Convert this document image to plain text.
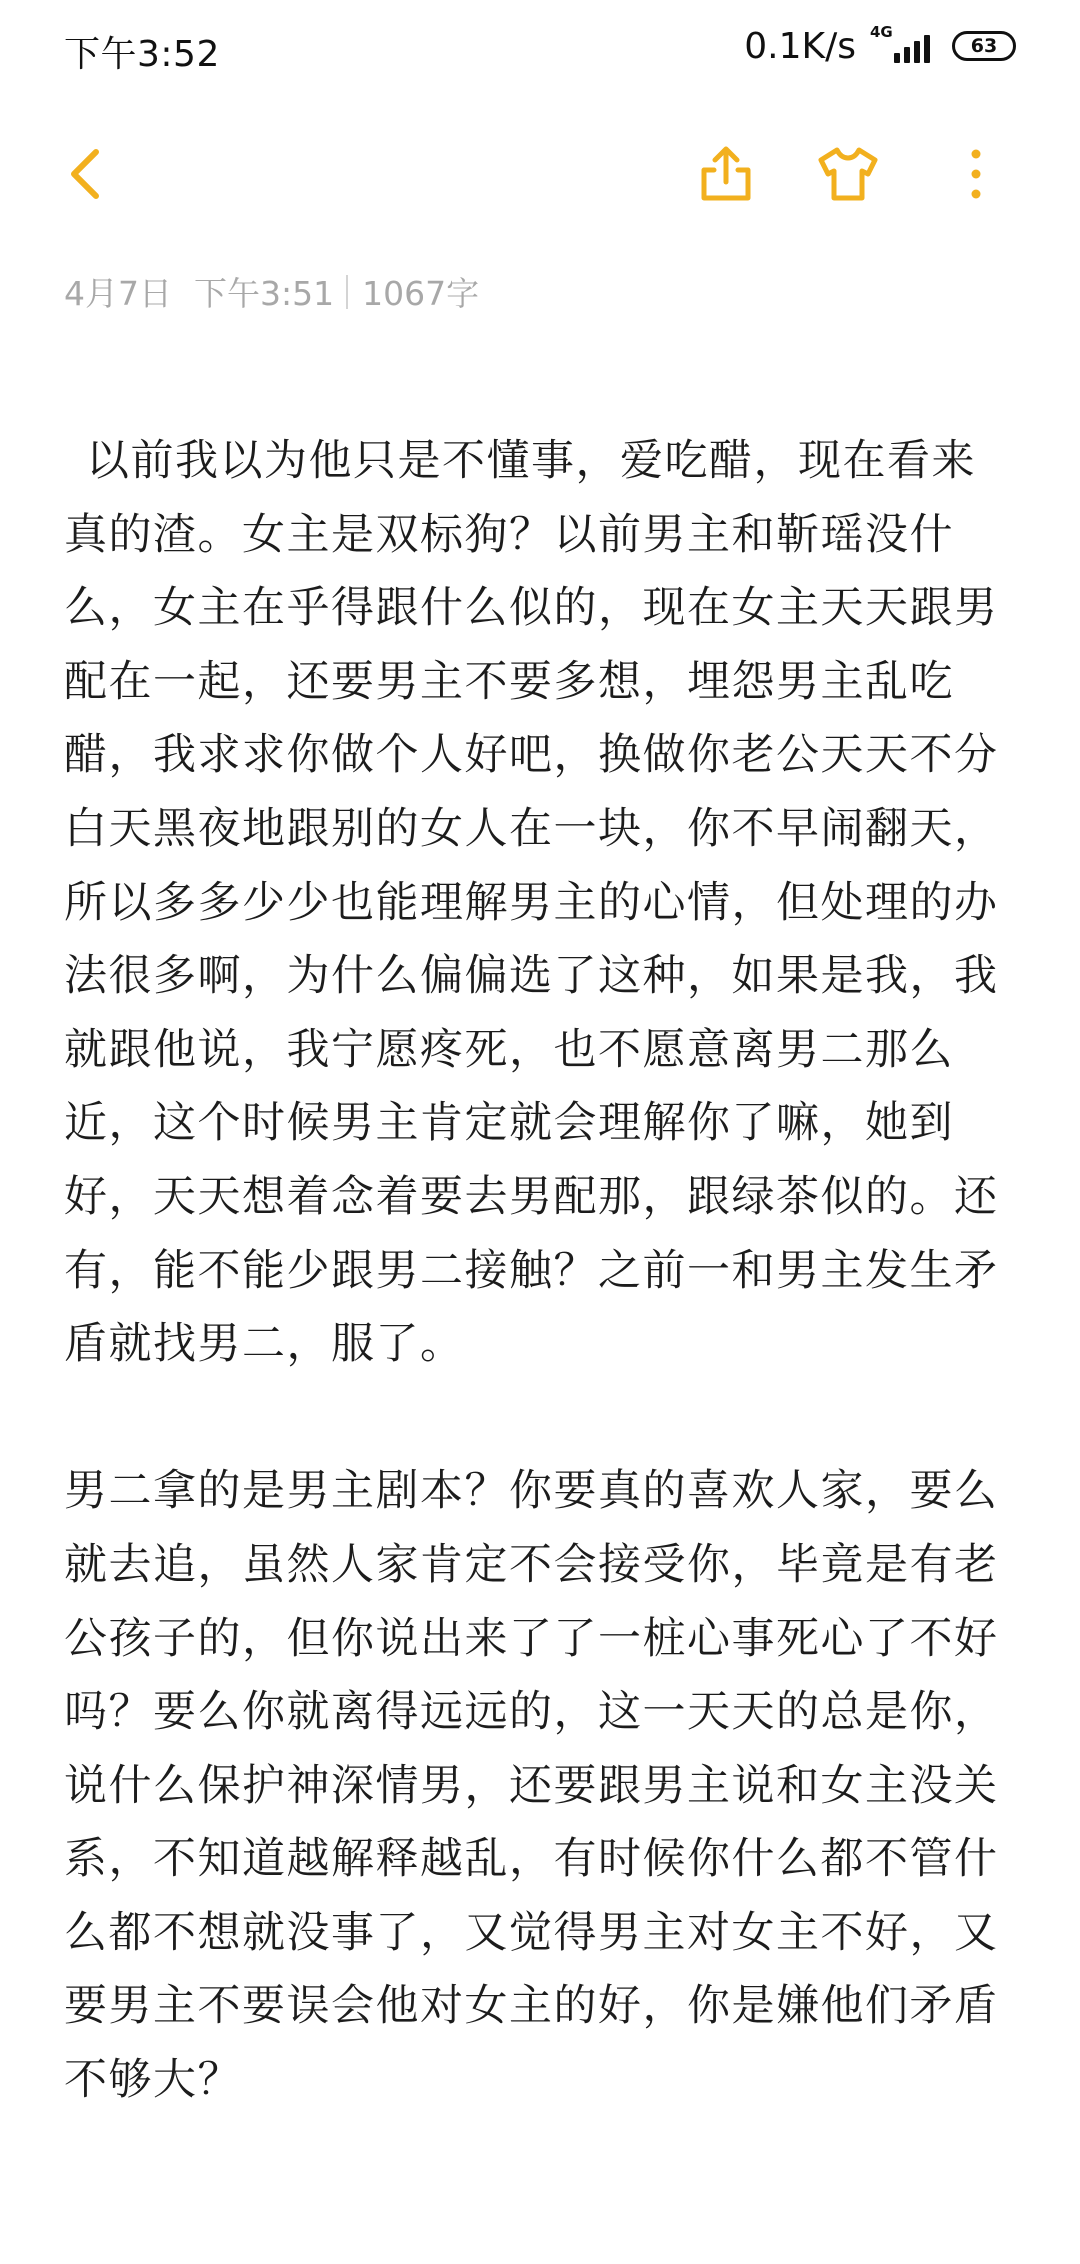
下午3:52	0.1K/s 4G
63
4月7日 下午3:51 1067字

以前我以为他只是不懂事，爱吃醋，现在看来真的渣。女主是双标狗？以前男主和靳瑶没什么，女主在乎得跟什么似的，现在女主天天跟男配在一起，还要男主不要多想，埋怨男主乱吃醋，我求求你做个人好吧，换做你老公天天不分白天黑夜地跟别的女人在一块，你不早闹翻天，所以多多少少也能理解男主的心情，但处理的办法很多啊，为什么偏偏选了这种，如果是我，我就跟他说，我宁愿疼死，也不愿意离男二那么近，这个时候男主肯定就会理解你了嘛，她到好，天天想着念着要去男配那，跟绿茶似的。还有，能不能少跟男二接触？之前一和男主发生矛盾就找男二，服了。

男二拿的是男主剧本？你要真的喜欢人家，要么就去追，虽然人家肯定不会接受你，毕竟是有老公孩子的，但你说出来了了一桩心事死心了不好吗？要么你就离得远远的，这一天天的总是你，说什么保护神深情男，还要跟男主说和女主没关系，不知道越解释越乱，有时候你什么都不管什么都不想就没事了，又觉得男主对女主不好，又要男主不要误会他对女主的好，你是嫌他们矛盾不够大？
